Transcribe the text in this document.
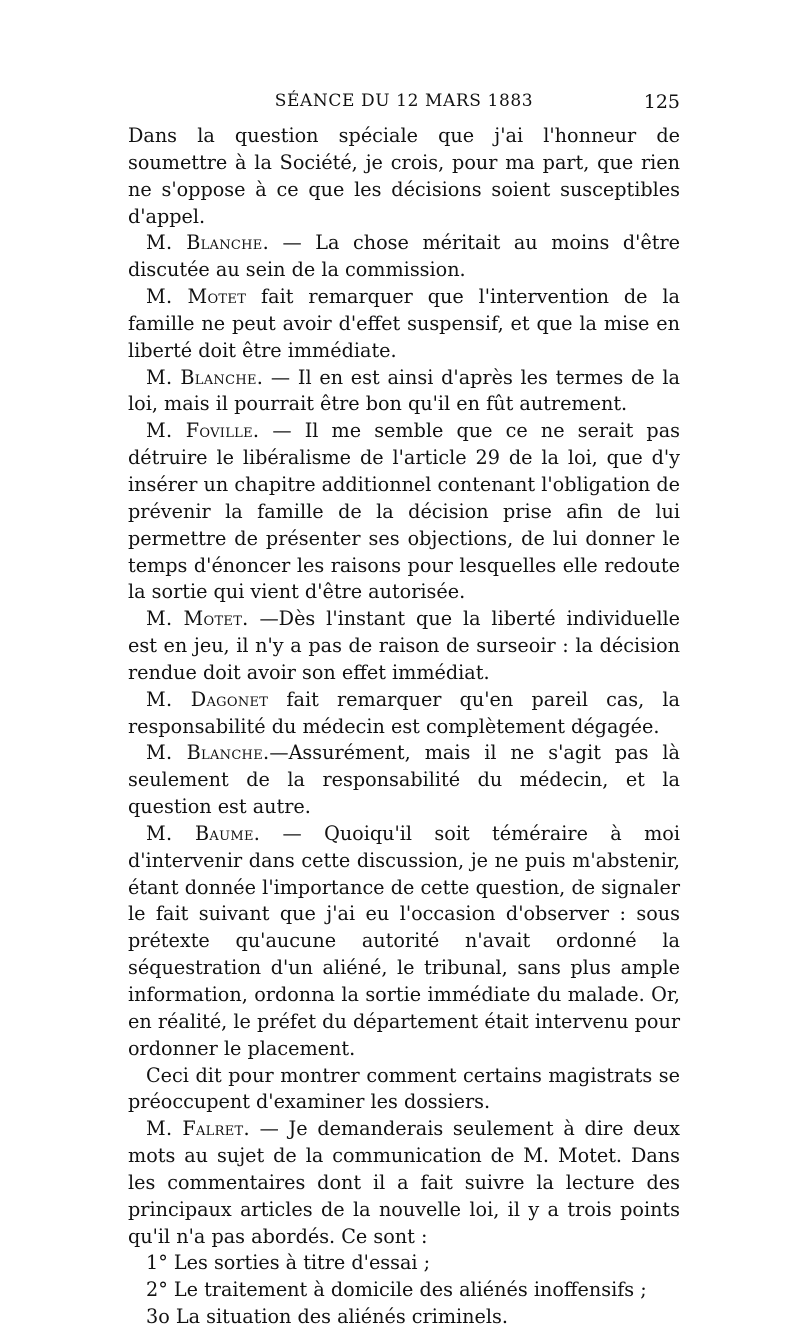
SÉANCE DU 12 MARS 1883	125

Dans la question spéciale que j'ai l'honneur de soumettre à la Société, je crois, pour ma part, que rien ne s'oppose à ce que les décisions soient susceptibles d'appel.

M. Blanche. — La chose méritait au moins d'être discutée au sein de la commission.

M. Motet fait remarquer que l'intervention de la famille ne peut avoir d'effet suspensif, et que la mise en liberté doit être immédiate.

M. Blanche. — Il en est ainsi d'après les termes de la loi, mais il pourrait être bon qu'il en fût autrement.

M. Foville. — Il me semble que ce ne serait pas détruire le libéralisme de l'article 29 de la loi, que d'y insérer un chapitre additionnel contenant l'obligation de prévenir la famille de la décision prise afin de lui permettre de présenter ses objections, de lui donner le temps d'énoncer les raisons pour lesquelles elle redoute la sortie qui vient d'être autorisée.

M. Motet. —Dès l'instant que la liberté individuelle est en jeu, il n'y a pas de raison de surseoir : la décision rendue doit avoir son effet immédiat.

M. Dagonet fait remarquer qu'en pareil cas, la responsabilité du médecin est complètement dégagée.

M. Blanche.—Assurément, mais il ne s'agit pas là seulement de la responsabilité du médecin, et la question est autre.

M. Baume. — Quoiqu'il soit téméraire à moi d'intervenir dans cette discussion, je ne puis m'abstenir, étant donnée l'importance de cette question, de signaler le fait suivant que j'ai eu l'occasion d'observer : sous prétexte qu'aucune autorité n'avait ordonné la séquestration d'un aliéné, le tribunal, sans plus ample information, ordonna la sortie immédiate du malade. Or, en réalité, le préfet du département était intervenu pour ordonner le placement.

Ceci dit pour montrer comment certains magistrats se préoccupent d'examiner les dossiers.

M. Falret. — Je demanderais seulement à dire deux mots au sujet de la communication de M. Motet. Dans les commentaires dont il a fait suivre la lecture des principaux articles de la nouvelle loi, il y a trois points qu'il n'a pas abordés. Ce sont :

1° Les sorties à titre d'essai ;
2° Le traitement à domicile des aliénés inoffensifs ;
3o La situation des aliénés criminels.
